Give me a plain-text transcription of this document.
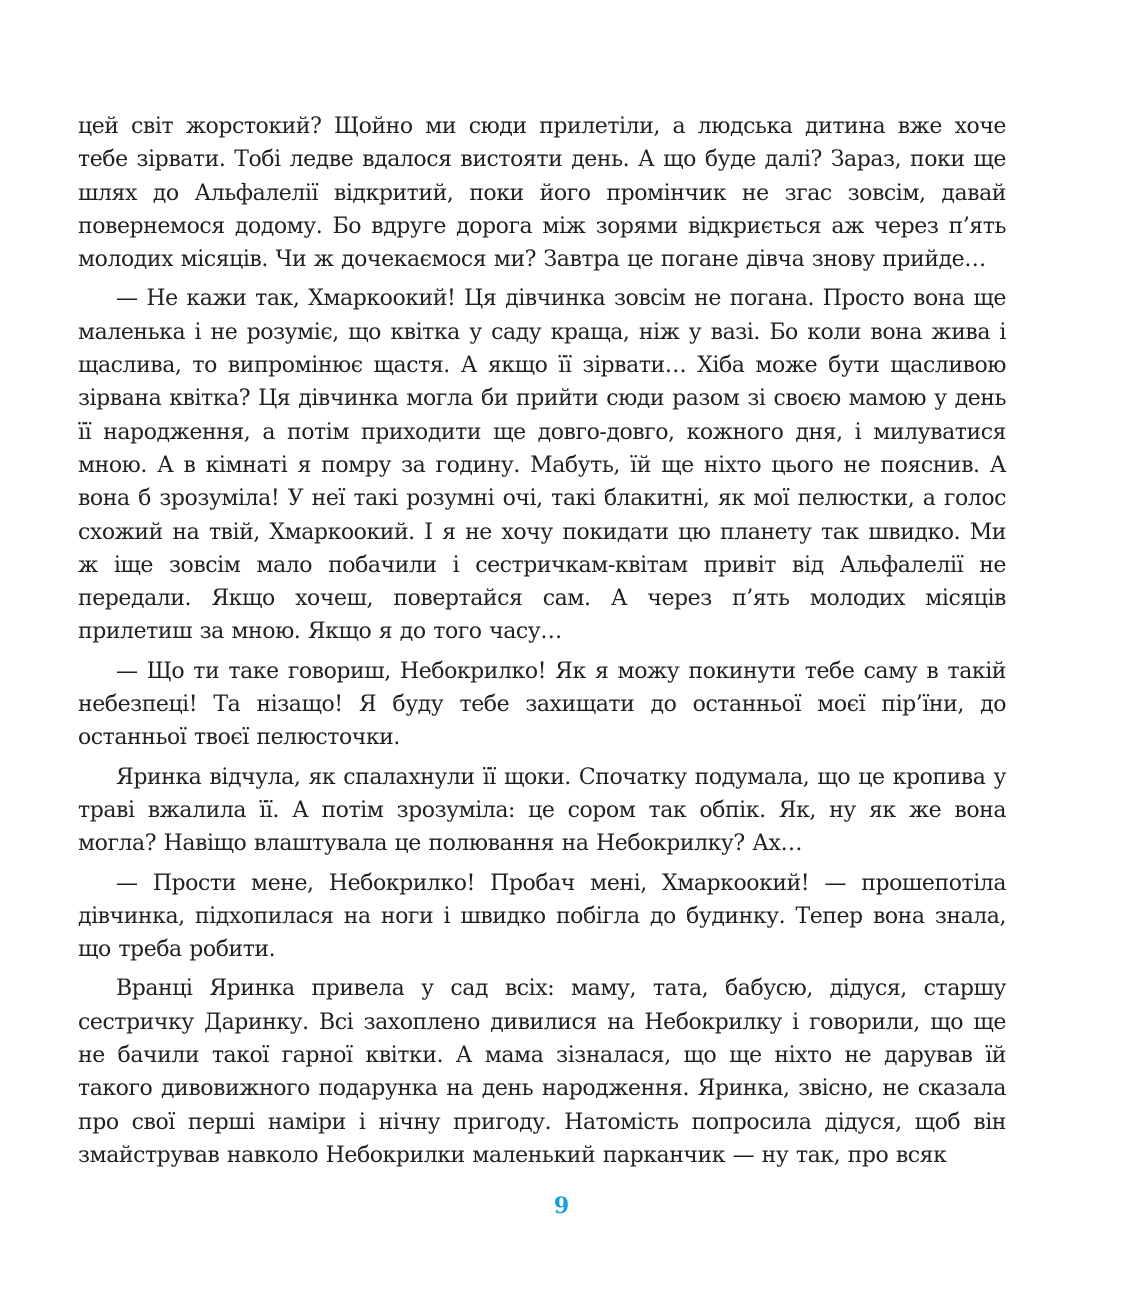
цей світ жорстокий? Щойно ми сюди прилетіли, а людська дитина вже хоче тебе зірвати. Тобі ледве вдалося вистояти день. А що буде далі? Зараз, поки ще шлях до Альфалелії відкритий, поки його промінчик не згас зовсім, давай повернемося додому. Бо вдруге дорога між зорями відкриється аж через п’ять молодих місяців. Чи ж дочекаємося ми? Завтра це погане дівча знову прийде…

— Не кажи так, Хмаркоокий! Ця дівчинка зовсім не погана. Просто вона ще маленька і не розуміє, що квітка у саду краща, ніж у вазі. Бо коли вона жива і щаслива, то випромінює щастя. А якщо її зірвати… Хіба може бути щасливою зірвана квітка? Ця дівчинка могла би прийти сюди разом зі своєю мамою у день її народження, а потім приходити ще довго-довго, кожного дня, і милуватися мною. А в кімнаті я помру за годину. Мабуть, їй ще ніхто цього не пояснив. А вона б зрозуміла! У неї такі розумні очі, такі блакитні, як мої пелюстки, а голос схожий на твій, Хмаркоокий. І я не хочу покидати цю планету так швидко. Ми ж іще зовсім мало побачили і сестричкам-квітам привіт від Альфалелії не передали. Якщо хочеш, повертайся сам. А через п’ять молодих місяців прилетиш за мною. Якщо я до того часу…

— Що ти таке говориш, Небокрилко! Як я можу покинути тебе саму в такій небезпеці! Та нізащо! Я буду тебе захищати до останньої моєї пір’їни, до останньої твоєї пелюсточки.

Яринка відчула, як спалахнули її щоки. Спочатку подумала, що це кропива у траві вжалила її. А потім зрозуміла: це сором так обпік. Як, ну як же вона могла? Навіщо влаштувала це полювання на Небокрилку? Ах…

— Прости мене, Небокрилко! Пробач мені, Хмаркоокий! — прошепотіла дівчинка, підхопилася на ноги і швидко побігла до будинку. Тепер вона знала, що треба робити.

Вранці Яринка привела у сад всіх: маму, тата, бабусю, дідуся, старшу сестричку Даринку. Всі захоплено дивилися на Небокрилку і говорили, що ще не бачили такої гарної квітки. А мама зізналася, що ще ніхто не дарував їй такого дивовижного подарунка на день народження. Яринка, звісно, не сказала про свої перші наміри і нічну пригоду. Натомість попросила дідуся, щоб він змайстрував навколо Небокрилки маленький парканчик — ну так, про всяк

9
